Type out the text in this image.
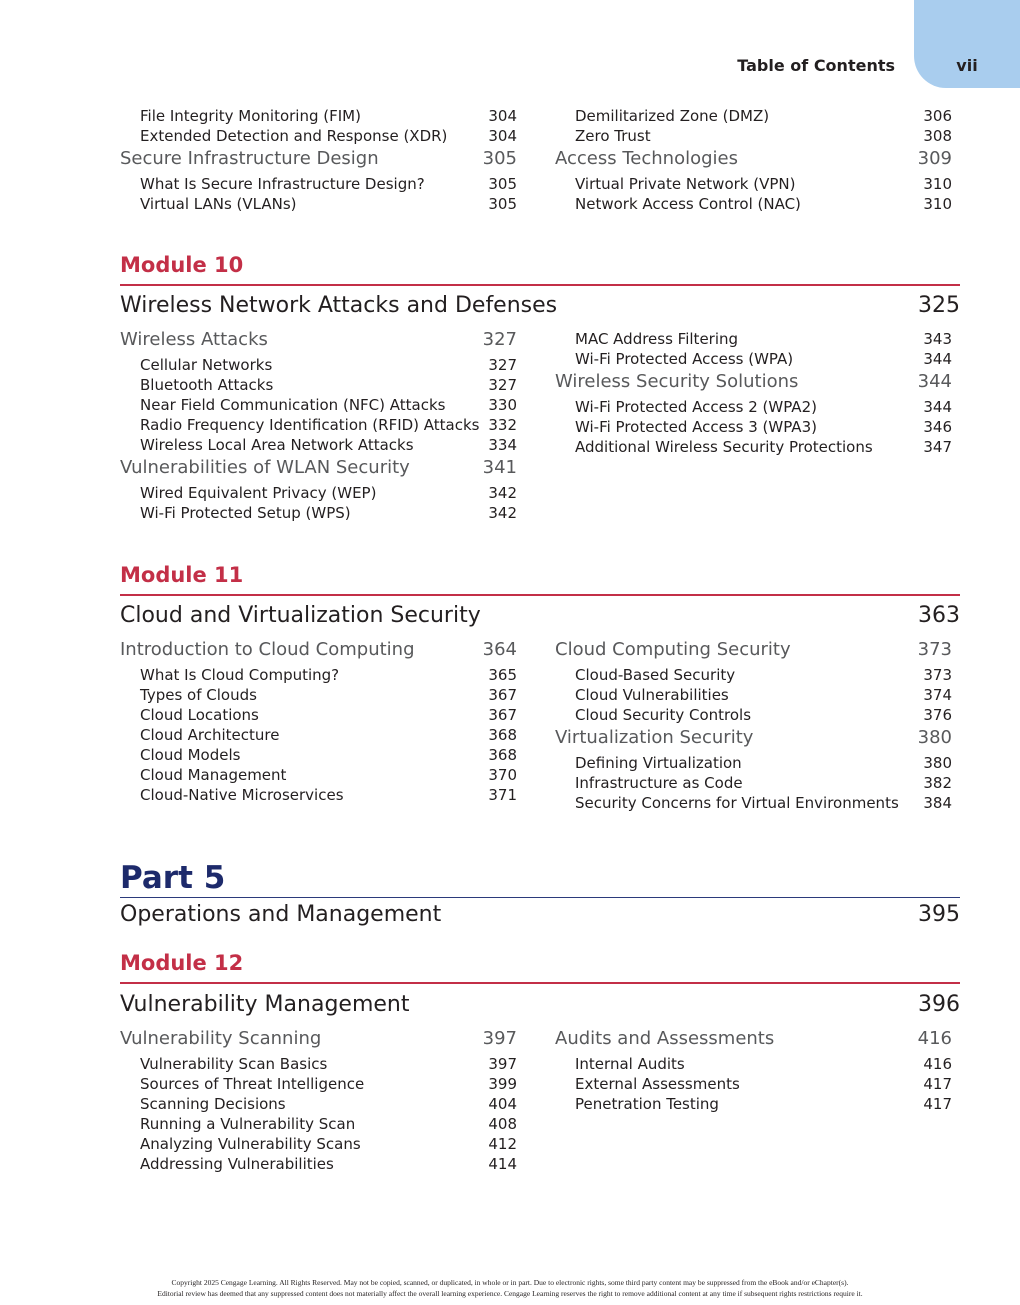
Table of Contents	vii
File Integrity Monitoring (FIM)	304
Extended Detection and Response (XDR)	304
Secure Infrastructure Design	305
What Is Secure Infrastructure Design?	305
Virtual LANs (VLANs)	305
Demilitarized Zone (DMZ)	306
Zero Trust	308
Access Technologies	309
Virtual Private Network (VPN)	310
Network Access Control (NAC)	310
Module 10
Wireless Network Attacks and Defenses	325
Wireless Attacks	327
Cellular Networks	327
Bluetooth Attacks	327
Near Field Communication (NFC) Attacks	330
Radio Frequency Identification (RFID) Attacks 332
Wireless Local Area Network Attacks	334
Vulnerabilities of WLAN Security	341
Wired Equivalent Privacy (WEP)	342
Wi-Fi Protected Setup (WPS)	342
MAC Address Filtering	343
Wi-Fi Protected Access (WPA)	344
Wireless Security Solutions	344
Wi-Fi Protected Access 2 (WPA2)	344
Wi-Fi Protected Access 3 (WPA3)	346
Additional Wireless Security Protections	347
Module 11
Cloud and Virtualization Security	363
Introduction to Cloud Computing	364
What Is Cloud Computing?	365
Types of Clouds	367
Cloud Locations	367
Cloud Architecture	368
Cloud Models	368
Cloud Management	370
Cloud-Native Microservices	371
Cloud Computing Security	373
Cloud-Based Security	373
Cloud Vulnerabilities	374
Cloud Security Controls	376
Virtualization Security	380
Defining Virtualization	380
Infrastructure as Code	382
Security Concerns for Virtual Environments 384
Part 5
Operations and Management	395
Module 12
Vulnerability Management	396
Vulnerability Scanning	397
Vulnerability Scan Basics	397
Sources of Threat Intelligence	399
Scanning Decisions	404
Running a Vulnerability Scan	408
Analyzing Vulnerability Scans	412
Addressing Vulnerabilities	414
Audits and Assessments	416
Internal Audits	416
External Assessments	417
Penetration Testing	417
Copyright 2025 Cengage Learning. All Rights Reserved. May not be copied, scanned, or duplicated, in whole or in part. Due to electronic rights, some third party content may be suppressed from the eBook and/or eChapter(s).
Editorial review has deemed that any suppressed content does not materially affect the overall learning experience. Cengage Learning reserves the right to remove additional content at any time if subsequent rights restrictions require it.
